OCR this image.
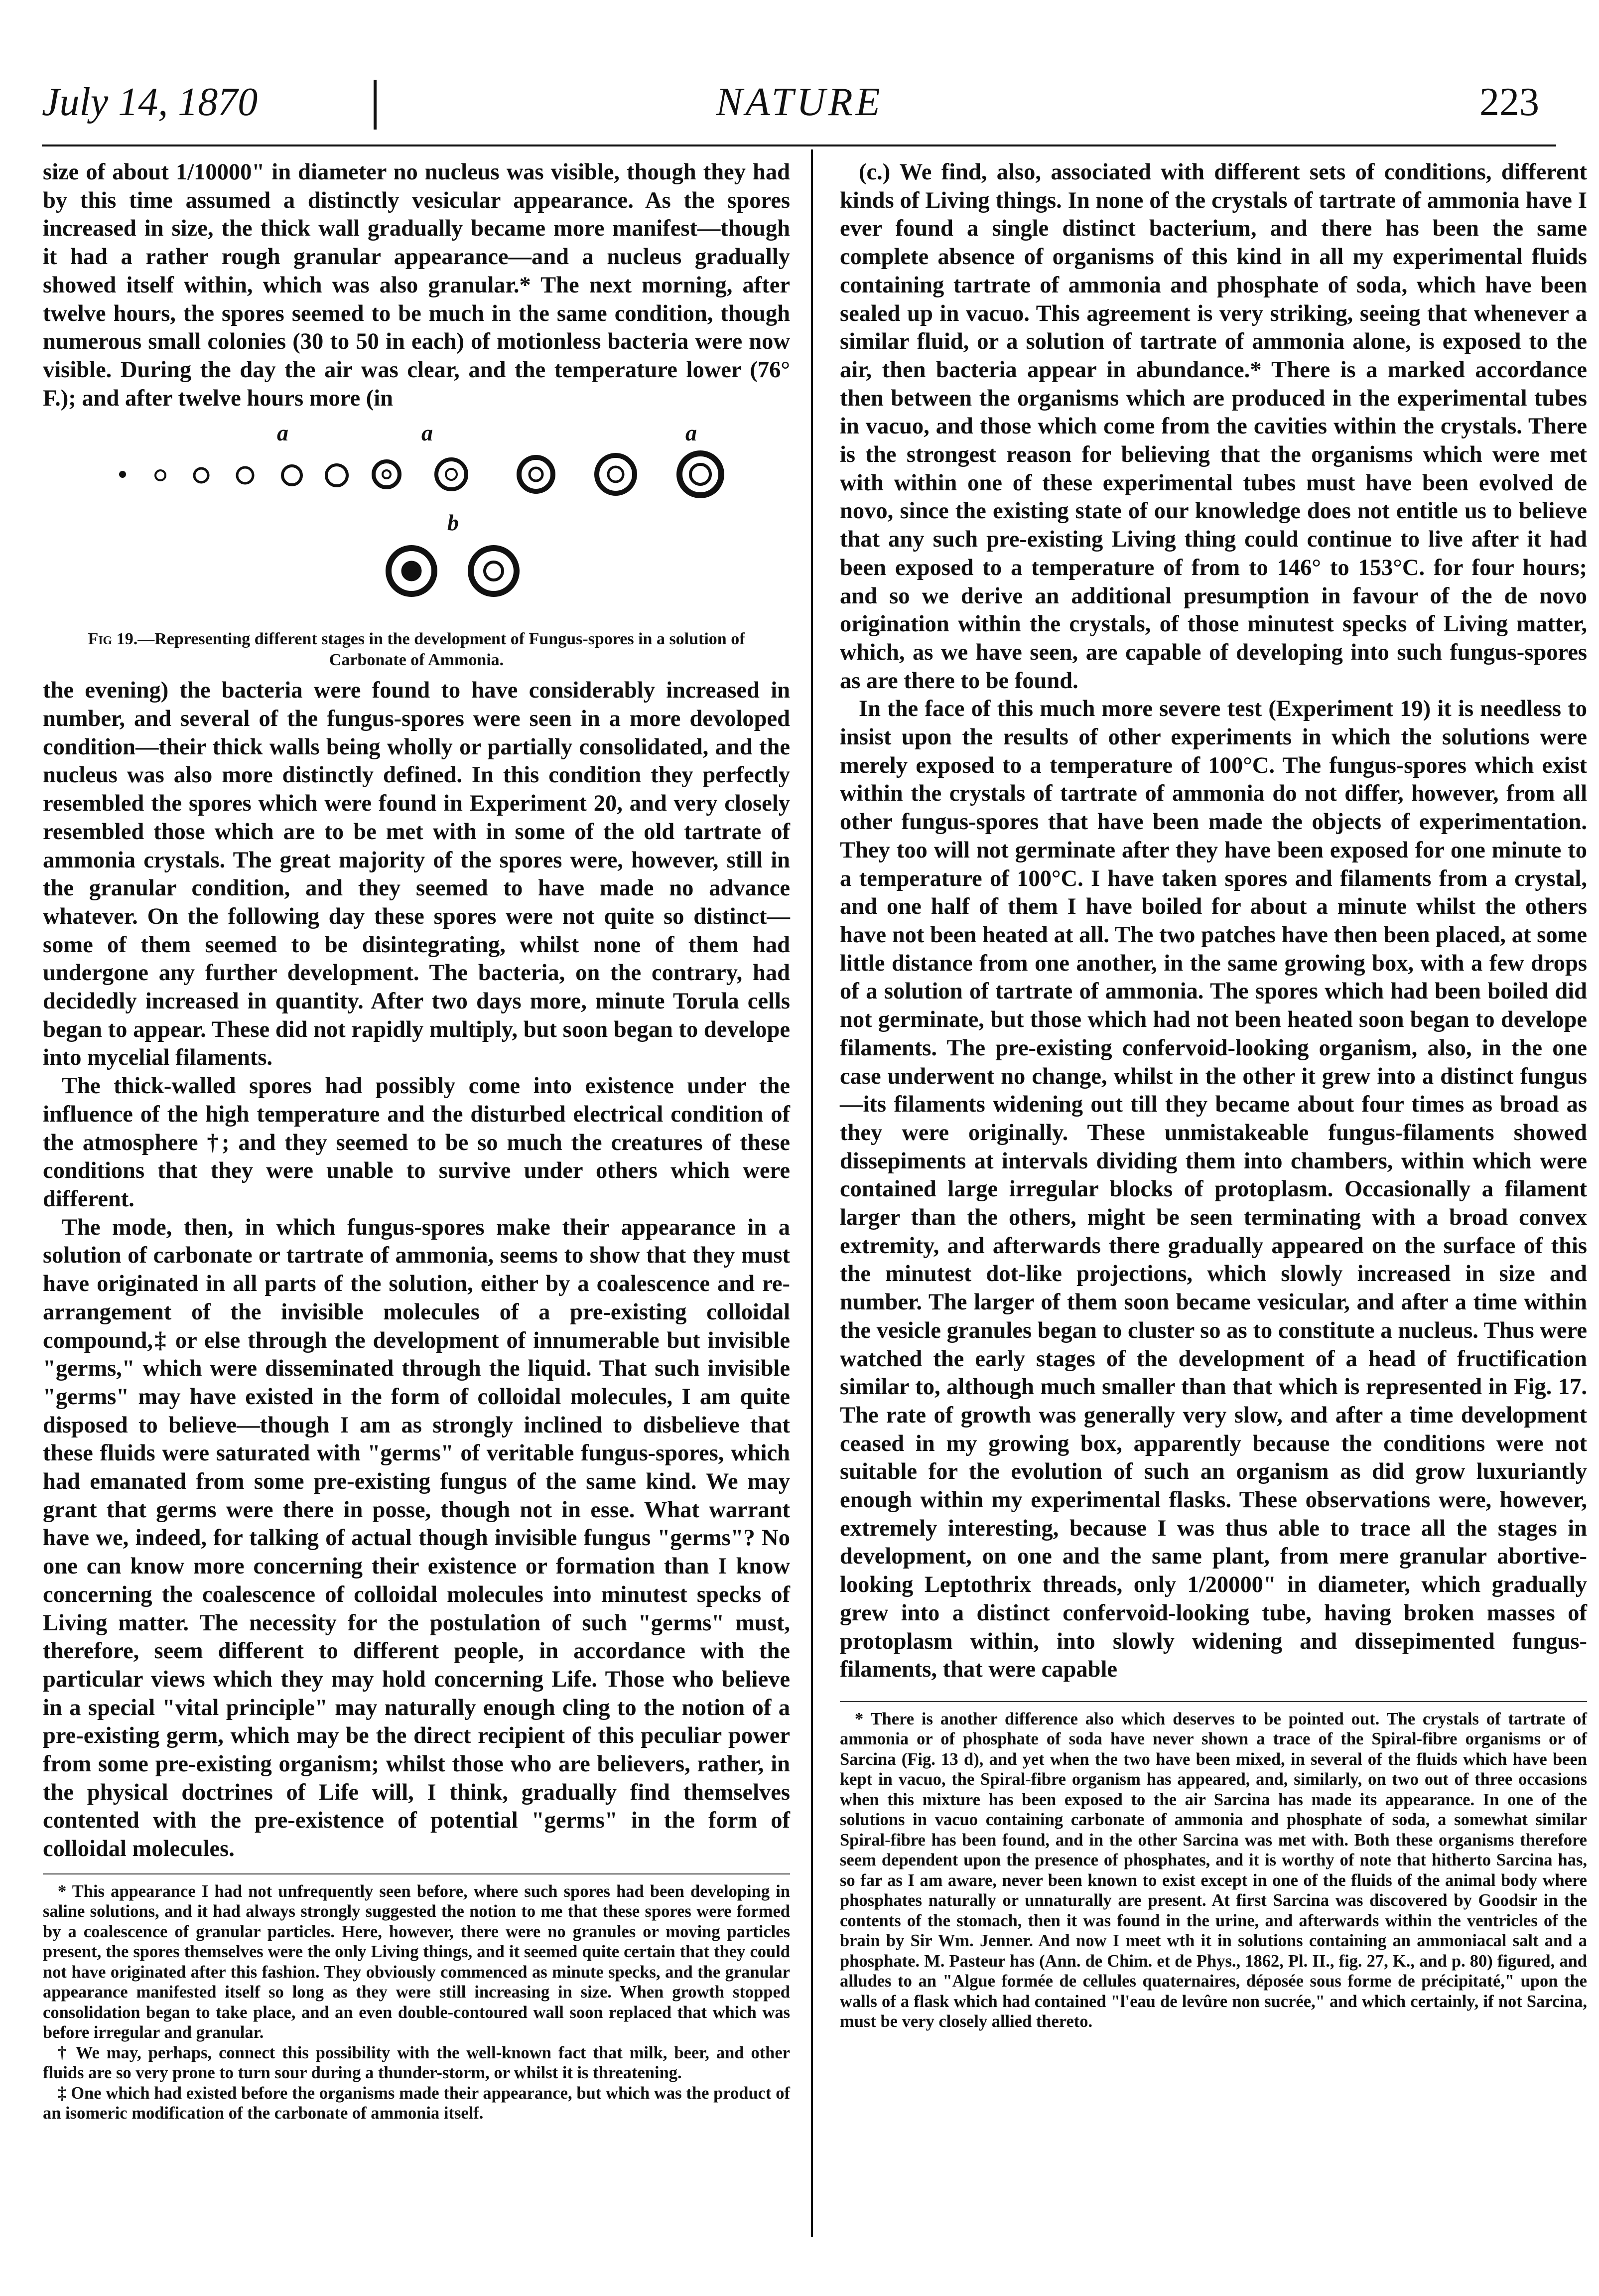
July 14, 1870	NATURE	223

size of about 1/10000" in diameter no nucleus was visible, though they had by this time assumed a distinctly vesicular appearance. As the spores increased in size, the thick wall gradually became more manifest—though it had a rather rough granular appearance—and a nucleus gradually showed itself within, which was also granular.* The next morning, after twelve hours, the spores seemed to be much in the same condition, though numerous small colonies (30 to 50 in each) of motionless bacteria were now visible. During the day the air was clear, and the temperature lower (76° F.); and after twelve hours more (in

a	a	a
b

Fig 19.—Representing different stages in the development of Fungus-spores in a solution of Carbonate of Ammonia.

the evening) the bacteria were found to have considerably increased in number, and several of the fungus-spores were seen in a more devoloped condition—their thick walls being wholly or partially consolidated, and the nucleus was also more distinctly defined. In this condition they perfectly resembled the spores which were found in Experiment 20, and very closely resembled those which are to be met with in some of the old tartrate of ammonia crystals. The great majority of the spores were, however, still in the granular condition, and they seemed to have made no advance whatever. On the following day these spores were not quite so distinct—some of them seemed to be disintegrating, whilst none of them had undergone any further development. The bacteria, on the contrary, had decidedly increased in quantity. After two days more, minute Torula cells began to appear. These did not rapidly multiply, but soon began to develope into mycelial filaments.

The thick-walled spores had possibly come into existence under the influence of the high temperature and the disturbed electrical condition of the atmosphere †; and they seemed to be so much the creatures of these conditions that they were unable to survive under others which were different.

The mode, then, in which fungus-spores make their appearance in a solution of carbonate or tartrate of ammonia, seems to show that they must have originated in all parts of the solution, either by a coalescence and re-arrangement of the invisible molecules of a pre-existing colloidal compound,‡ or else through the development of innumerable but invisible "germs," which were disseminated through the liquid. That such invisible "germs" may have existed in the form of colloidal molecules, I am quite disposed to believe—though I am as strongly inclined to disbelieve that these fluids were saturated with "germs" of veritable fungus-spores, which had emanated from some pre-existing fungus of the same kind. We may grant that germs were there in posse, though not in esse. What warrant have we, indeed, for talking of actual though invisible fungus "germs"? No one can know more concerning their existence or formation than I know concerning the coalescence of colloidal molecules into minutest specks of Living matter. The necessity for the postulation of such "germs" must, therefore, seem different to different people, in accordance with the particular views which they may hold concerning Life. Those who believe in a special "vital principle" may naturally enough cling to the notion of a pre-existing germ, which may be the direct recipient of this peculiar power from some pre-existing organism; whilst those who are believers, rather, in the physical doctrines of Life will, I think, gradually find themselves contented with the pre-existence of potential "germs" in the form of colloidal molecules.

* This appearance I had not unfrequently seen before, where such spores had been developing in saline solutions, and it had always strongly suggested the notion to me that these spores were formed by a coalescence of granular particles. Here, however, there were no granules or moving particles present, the spores themselves were the only Living things, and it seemed quite certain that they could not have originated after this fashion. They obviously commenced as minute specks, and the granular appearance manifested itself so long as they were still increasing in size. When growth stopped consolidation began to take place, and an even double-contoured wall soon replaced that which was before irregular and granular.

† We may, perhaps, connect this possibility with the well-known fact that milk, beer, and other fluids are so very prone to turn sour during a thunder-storm, or whilst it is threatening.

‡ One which had existed before the organisms made their appearance, but which was the product of an isomeric modification of the carbonate of ammonia itself.

(c.) We find, also, associated with different sets of conditions, different kinds of Living things. In none of the crystals of tartrate of ammonia have I ever found a single distinct bacterium, and there has been the same complete absence of organisms of this kind in all my experimental fluids containing tartrate of ammonia and phosphate of soda, which have been sealed up in vacuo. This agreement is very striking, seeing that whenever a similar fluid, or a solution of tartrate of ammonia alone, is exposed to the air, then bacteria appear in abundance.* There is a marked accordance then between the organisms which are produced in the experimental tubes in vacuo, and those which come from the cavities within the crystals. There is the strongest reason for believing that the organisms which were met with within one of these experimental tubes must have been evolved de novo, since the existing state of our knowledge does not entitle us to believe that any such pre-existing Living thing could continue to live after it had been exposed to a temperature of from to 146° to 153°C. for four hours; and so we derive an additional presumption in favour of the de novo origination within the crystals, of those minutest specks of Living matter, which, as we have seen, are capable of developing into such fungus-spores as are there to be found.

In the face of this much more severe test (Experiment 19) it is needless to insist upon the results of other experiments in which the solutions were merely exposed to a temperature of 100°C. The fungus-spores which exist within the crystals of tartrate of ammonia do not differ, however, from all other fungus-spores that have been made the objects of experimentation. They too will not germinate after they have been exposed for one minute to a temperature of 100°C. I have taken spores and filaments from a crystal, and one half of them I have boiled for about a minute whilst the others have not been heated at all. The two patches have then been placed, at some little distance from one another, in the same growing box, with a few drops of a solution of tartrate of ammonia. The spores which had been boiled did not germinate, but those which had not been heated soon began to develope filaments. The pre-existing confervoid-looking organism, also, in the one case underwent no change, whilst in the other it grew into a distinct fungus—its filaments widening out till they became about four times as broad as they were originally. These unmistakeable fungus-filaments showed dissepiments at intervals dividing them into chambers, within which were contained large irregular blocks of protoplasm. Occasionally a filament larger than the others, might be seen terminating with a broad convex extremity, and afterwards there gradually appeared on the surface of this the minutest dot-like projections, which slowly increased in size and number. The larger of them soon became vesicular, and after a time within the vesicle granules began to cluster so as to constitute a nucleus. Thus were watched the early stages of the development of a head of fructification similar to, although much smaller than that which is represented in Fig. 17. The rate of growth was generally very slow, and after a time development ceased in my growing box, apparently because the conditions were not suitable for the evolution of such an organism as did grow luxuriantly enough within my experimental flasks. These observations were, however, extremely interesting, because I was thus able to trace all the stages in development, on one and the same plant, from mere granular abortive-looking Leptothrix threads, only 1/20000" in diameter, which gradually grew into a distinct confervoid-looking tube, having broken masses of protoplasm within, into slowly widening and dissepimented fungus-filaments, that were capable

* There is another difference also which deserves to be pointed out. The crystals of tartrate of ammonia or of phosphate of soda have never shown a trace of the Spiral-fibre organisms or of Sarcina (Fig. 13 d), and yet when the two have been mixed, in several of the fluids which have been kept in vacuo, the Spiral-fibre organism has appeared, and, similarly, on two out of three occasions when this mixture has been exposed to the air Sarcina has made its appearance. In one of the solutions in vacuo containing carbonate of ammonia and phosphate of soda, a somewhat similar Spiral-fibre has been found, and in the other Sarcina was met with. Both these organisms therefore seem dependent upon the presence of phosphates, and it is worthy of note that hitherto Sarcina has, so far as I am aware, never been known to exist except in one of the fluids of the animal body where phosphates naturally or unnaturally are present. At first Sarcina was discovered by Goodsir in the contents of the stomach, then it was found in the urine, and afterwards within the ventricles of the brain by Sir Wm. Jenner. And now I meet wth it in solutions containing an ammoniacal salt and a phosphate. M. Pasteur has (Ann. de Chim. et de Phys., 1862, Pl. II., fig. 27, K., and p. 80) figured, and alludes to an "Algue formée de cellules quaternaires, déposée sous forme de précipitaté," upon the walls of a flask which had contained "l'eau de levûre non sucrée," and which certainly, if not Sarcina, must be very closely allied thereto.
